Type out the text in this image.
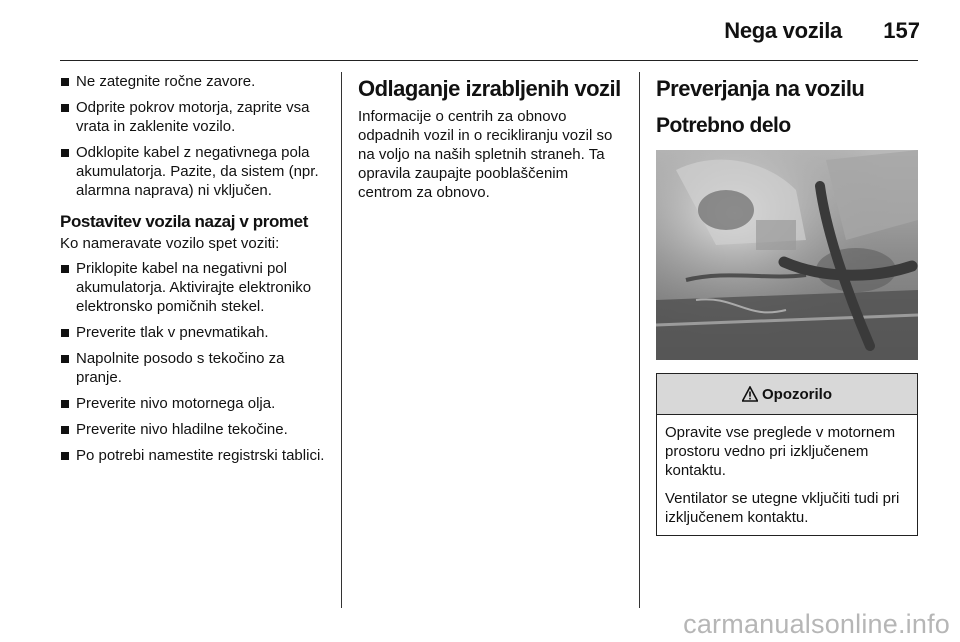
Nega vozila 157
Ne zategnite ročne zavore.
Odprite pokrov motorja, zaprite vsa vrata in zaklenite vozilo.
Odklopite kabel z negativnega pola akumulatorja. Pazite, da sistem (npr. alarmna naprava) ni vključen.
Postavitev vozila nazaj v promet
Ko nameravate vozilo spet voziti:
Priklopite kabel na negativni pol akumulatorja. Aktivirajte elektroniko elektronsko pomičnih stekel.
Preverite tlak v pnevmatikah.
Napolnite posodo s tekočino za pranje.
Preverite nivo motornega olja.
Preverite nivo hladilne tekočine.
Po potrebi namestite registrski tablici.
Odlaganje izrabljenih vozil
Informacije o centrih za obnovo odpadnih vozil in o recikliranju vozil so na voljo na naših spletnih straneh. Ta opravila zaupajte pooblaščenim centrom za obnovo.
Preverjanja na vozilu
Potrebno delo
Opozorilo

Opravite vse preglede v motornem prostoru vedno pri izključenem kontaktu.

Ventilator se utegne vključiti tudi pri izključenem kontaktu.

carmanualsonline.info
